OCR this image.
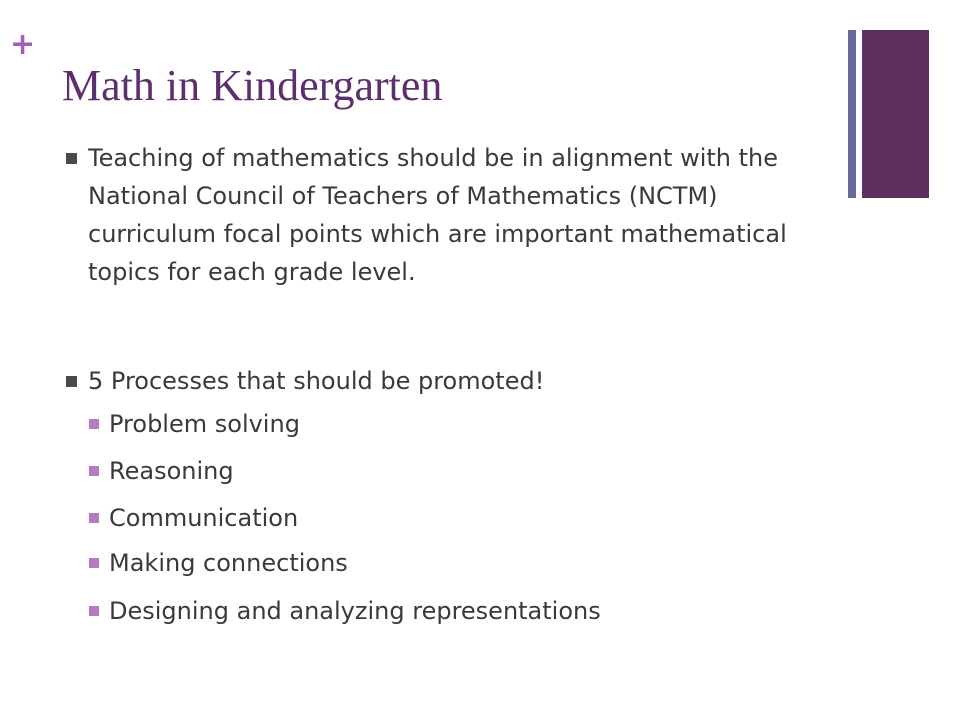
+
Math in Kindergarten
Teaching of mathematics should be in alignment with the National Council of Teachers of Mathematics (NCTM) curriculum focal points which are important mathematical topics for each grade level.
5 Processes that should be promoted!
Problem solving
Reasoning
Communication
Making connections
Designing and analyzing representations
